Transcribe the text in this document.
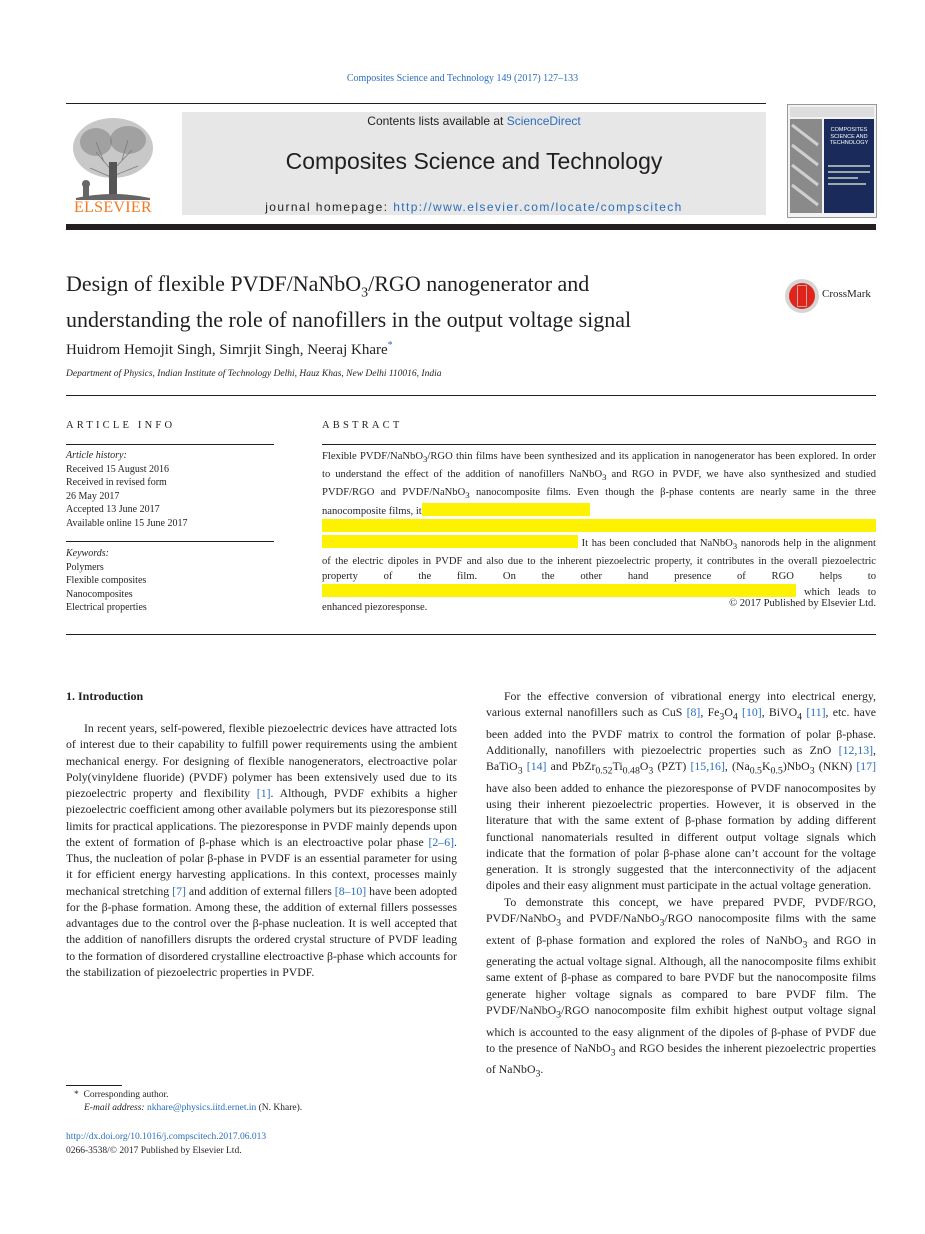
Composites Science and Technology 149 (2017) 127–133
ELSEVIER
Contents lists available at ScienceDirect
Composites Science and Technology
journal homepage: http://www.elsevier.com/locate/compscitech
COMPOSITES SCIENCE AND TECHNOLOGY
Design of flexible PVDF/NaNbO$_3$/RGO nanogenerator and
understanding the role of nanofillers in the output voltage signal
CrossMark
Huidrom Hemojit Singh, Simrjit Singh, Neeraj Khare*
Department of Physics, Indian Institute of Technology Delhi, Hauz Khas, New Delhi 110016, India
ARTICLE INFO	ABSTRACT
Article history:
Received 15 August 2016
Received in revised form
26 May 2017
Accepted 13 June 2017
Available online 15 June 2017
Keywords:
Polymers
Flexible composites
Nanocomposites
Electrical properties
Flexible PVDF/NaNbO$_3$/RGO thin films have been synthesized and its application in nanogenerator has been explored. In order to understand the effect of the addition of nanofillers NaNbO$_3$ and RGO in PVDF, we have also synthesized and studied PVDF/RGO and PVDF/NaNbO$_3$ nanocomposite films. Even though the β-phase contents are nearly same in the three nanocomposite films, it

It has been concluded that NaNbO$_3$ nanorods help in the alignment of the electric dipoles in PVDF and also due to the inherent piezoelectric property, it contributes in the overall piezoelectric property of the film. On the other hand presence of RGO helps to  which leads to enhanced piezoresponse.	© 2017 Published by Elsevier Ltd.
1. Introduction

In recent years, self-powered, flexible piezoelectric devices have attracted lots of interest due to their capability to fulfill power requirements using the ambient mechanical energy. For designing of flexible nanogenerators, electroactive polar Poly(vinyldene fluoride) (PVDF) polymer has been extensively used due to its piezoelectric property and flexibility [1]. Although, PVDF exhibits a higher piezoelectric coefficient among other available polymers but its piezoresponse still limits for practical applications. The piezoresponse in PVDF mainly depends upon the extent of formation of β-phase which is an electroactive polar phase [2–6]. Thus, the nucleation of polar β-phase in PVDF is an essential parameter for using it for efficient energy harvesting applications. In this context, processes mainly mechanical stretching [7] and addition of external fillers [8–10] have been adopted for the β-phase formation. Among these, the addition of external fillers possesses advantages due to the control over the β-phase nucleation. It is well accepted that the addition of nanofillers disrupts the ordered crystal structure of PVDF leading to the formation of disordered crystalline electroactive β-phase which accounts for the stabilization of piezoelectric properties in PVDF.

For the effective conversion of vibrational energy into electrical energy, various external nanofillers such as CuS [8], $Fe_3O_4$ [10], BiVO$_4$ [11], etc. have been added into the PVDF matrix to control the formation of polar β-phase. Additionally, nanofillers with piezoelectric properties such as ZnO [12,13], BaTiO$_3$ [14] and $PbZr_{0.52}Ti_{0.48}O_3$ (PZT) [15,16], $(Na_{0.5}K_{0.5})NbO_3$ (NKN) [17] have also been added to enhance the piezoresponse of PVDF nanocomposites by using their inherent piezoelectric properties. However, it is observed in the literature that with the same extent of β-phase formation by adding different functional nanomaterials resulted in different output voltage signals which indicate that the formation of polar β-phase alone can’t account for the voltage generation. It is strongly suggested that the interconnectivity of the adjacent dipoles and their easy alignment must participate in the actual voltage generation.

To demonstrate this concept, we have prepared PVDF, PVDF/RGO, PVDF/NaNbO$_3$ and PVDF/NaNbO$_3$/RGO nanocomposite films with the same extent of β-phase formation and explored the roles of NaNbO$_3$ and RGO in generating the actual voltage signal. Although, all the nanocomposite films exhibit same extent of β-phase as compared to bare PVDF but the nanocomposite films generate higher voltage signals as compared to bare PVDF film. The PVDF/NaNbO$_3$/RGO nanocomposite film exhibit highest output voltage signal which is accounted to the easy alignment of the dipoles of β-phase of PVDF due to the presence of NaNbO$_3$ and RGO besides the inherent piezoelectric properties of NaNbO$_3$.

* Corresponding author.
E-mail address: nkhare@physics.iitd.ernet.in (N. Khare).
http://dx.doi.org/10.1016/j.compscitech.2017.06.013
0266-3538/© 2017 Published by Elsevier Ltd.
